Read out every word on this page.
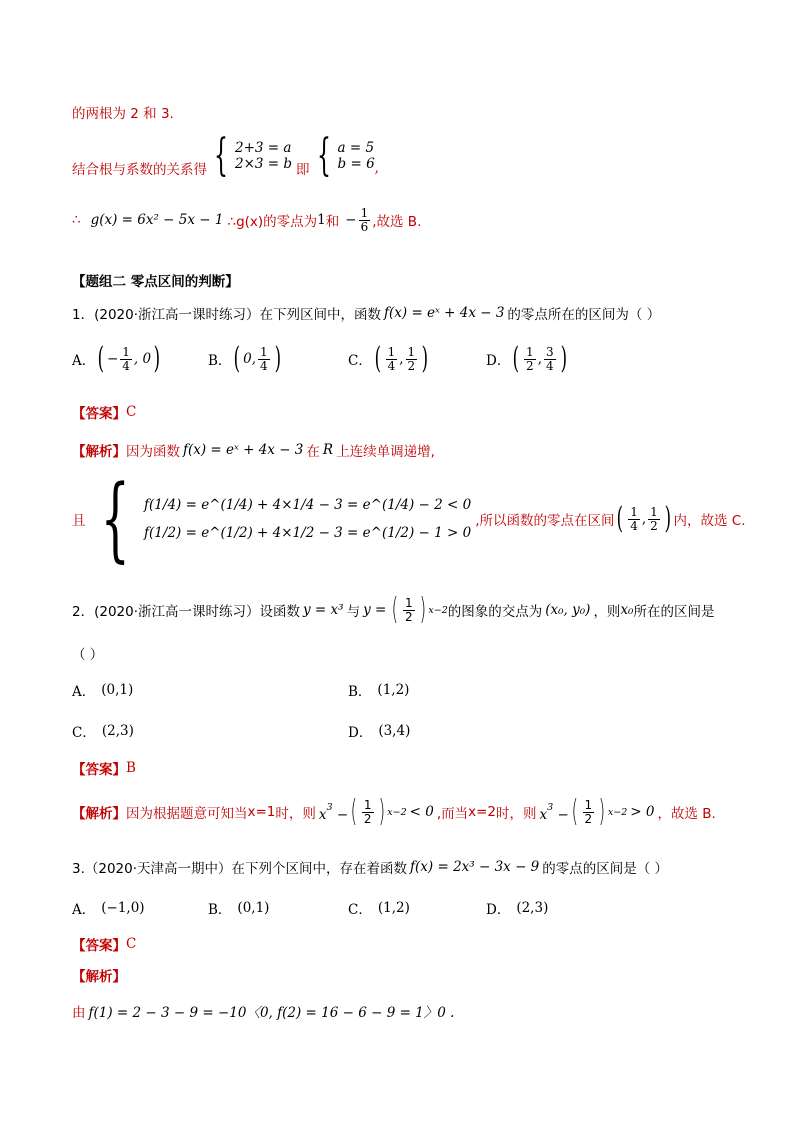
的两根为 2 和 3.
结合根与系数的关系得 { 2+3 = a
2×3 = b 即 { a = 5
b = 6 ,
∴ g(x) = 6x² − 5x − 1 ∴g(x)的零点为 1 和 − $\frac{1}{6}$ ,故选 B.
【题组二 零点区间的判断】
1．(2020·浙江高一课时练习）在下列区间中，函数 f(x) = eˣ + 4x − 3 的零点所在的区间为（ ）
A． ( − $\frac{1}{4}$ , 0 )	B． ( 0, $\frac{1}{4}$ )	C． ( $\frac{1}{4}$ , $\frac{1}{2}$ )	D． ( $\frac{1}{2}$ , $\frac{3}{4}$ )
【答案】 C
【解析】 因为函数 f(x) = eˣ + 4x − 3 在 R 上连续单调递增,
且 { f(1/4) = e^(1/4) + 4×1/4 − 3 = e^(1/4) − 2 < 0
f(1/2) = e^(1/2) + 4×1/2 − 3 = e^(1/2) − 1 > 0
,所以函数的零点在区间 ( $\frac{1}{4}$ , $\frac{1}{2}$ ) 内，故选 C.
2．(2020·浙江高一课时练习）设函数 y = x³ 与 y = ( $\frac{1}{2}$ ) x−2 的图象的交点为 (x₀, y₀) ，则 x₀ 所在的区间是
（ ）
A． (0,1)	B． (1,2)
C． (2,3)	D． (3,4)
【答案】 B
【解析】 因为根据题意可知当 x=1 时，则 $x^3$ − ( $\frac{1}{2}$ ) x−2 < 0 ,而当 x=2 时，则 $x^3$ − ( $\frac{1}{2}$ ) x−2 > 0 ，故选 B.
3.（2020·天津高一期中）在下列个区间中，存在着函数 f(x) = 2x³ − 3x − 9 的零点的区间是（ ）
A． (−1,0)	B． (0,1)	C． (1,2)	D． (2,3)
【答案】 C
【解析】
由 f(1) = 2 − 3 − 9 = −10〈0, f(2) = 16 − 6 − 9 = 1〉0 .
